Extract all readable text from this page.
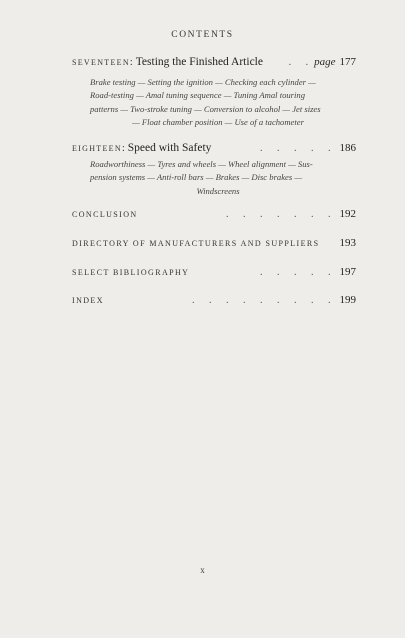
CONTENTS
SEVENTEEN : Testing the Finished Article	. . page 177
Brake testing — Setting the ignition — Checking each cylinder —
Road-testing — Amal tuning sequence — Tuning Amal touring
patterns — Two-stroke tuning — Conversion to alcohol — Jet sizes
— Float chamber position — Use of a tachometer
EIGHTEEN : Speed with Safety	. . . . . 186
Roadworthiness — Tyres and wheels — Wheel alignment — Sus-
pension systems — Anti-roll bars — Brakes — Disc brakes —
Windscreens
CONCLUSION	. . . . . . . 192
DIRECTORY OF MANUFACTURERS AND SUPPLIERS 193
SELECT BIBLIOGRAPHY	. . . . . 197
INDEX	. . . . . . . . . 199
x
